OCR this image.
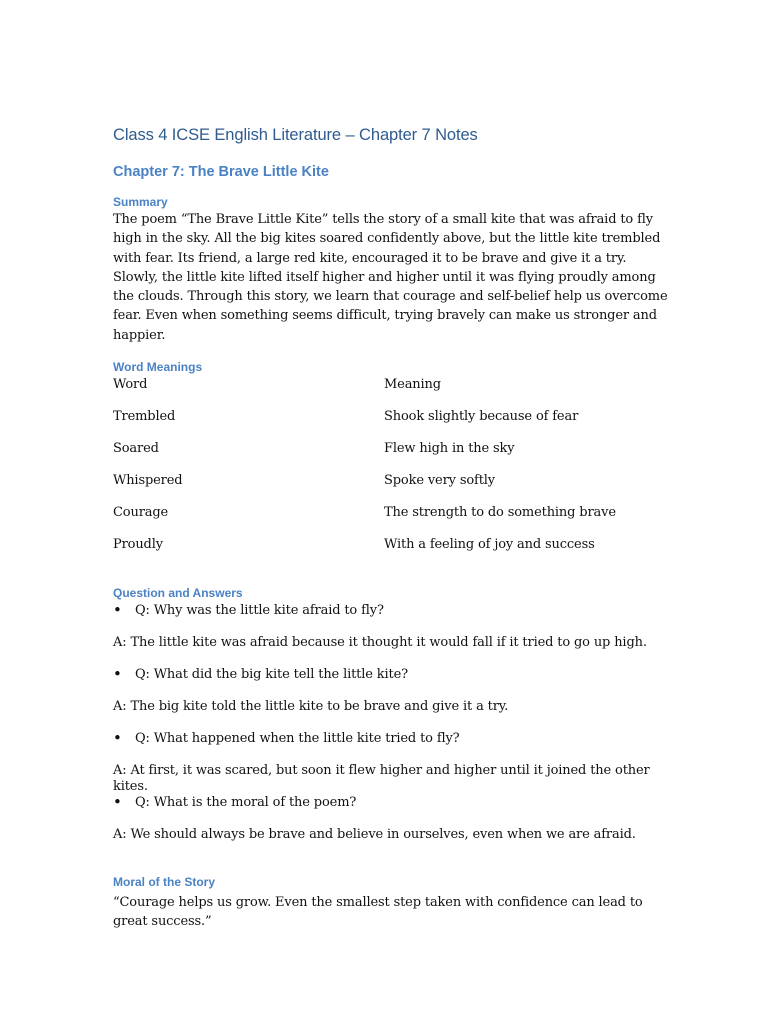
Class 4 ICSE English Literature – Chapter 7 Notes
Chapter 7: The Brave Little Kite
Summary

The poem “The Brave Little Kite” tells the story of a small kite that was afraid to fly high in the sky. All the big kites soared confidently above, but the little kite trembled with fear. Its friend, a large red kite, encouraged it to be brave and give it a try. Slowly, the little kite lifted itself higher and higher until it was flying proudly among the clouds. Through this story, we learn that courage and self-belief help us overcome fear. Even when something seems difficult, trying bravely can make us stronger and happier.

Word Meanings
Word	Meaning
Trembled	Shook slightly because of fear
Soared	Flew high in the sky
Whispered	Spoke very softly
Courage	The strength to do something brave
Proudly	With a feeling of joy and success
Question and Answers

• Q: Why was the little kite afraid to fly?

A: The little kite was afraid because it thought it would fall if it tried to go up high.

• Q: What did the big kite tell the little kite?

A: The big kite told the little kite to be brave and give it a try.

• Q: What happened when the little kite tried to fly?

A: At first, it was scared, but soon it flew higher and higher until it joined the other kites.

• Q: What is the moral of the poem?

A: We should always be brave and believe in ourselves, even when we are afraid.

Moral of the Story

“Courage helps us grow. Even the smallest step taken with confidence can lead to great success.”
